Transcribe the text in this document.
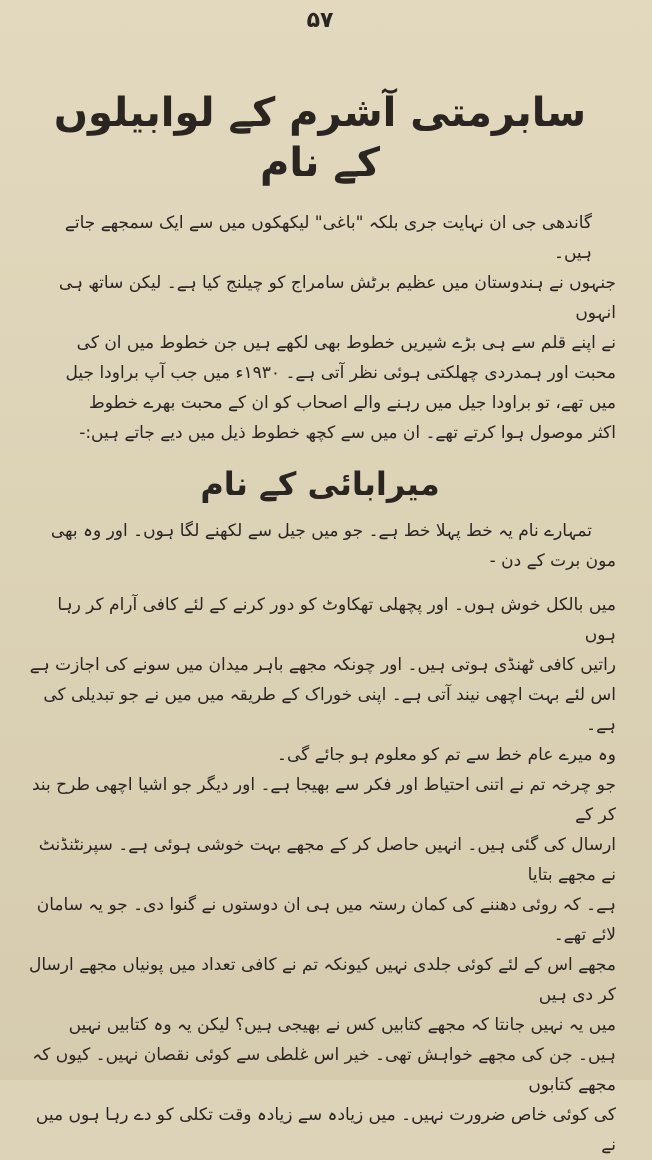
۵۷
سابرمتی آشرم کے لوابیلوں کے نام

گاندھی جی ان نہایت جری بلکہ "باغی" لیکھکوں میں سے ایک سمجھے جاتے ہیں۔

جنہوں نے ہندوستان میں عظیم برٹش سامراج کو چیلنج کیا ہے۔ لیکن ساتھ ہی انہوں

نے اپنے قلم سے ہی بڑے شیریں خطوط بھی لکھے ہیں جن خطوط میں ان کی

محبت اور ہمدردی چھلکتی ہوئی نظر آتی ہے۔ ۱۹۳۰ء میں جب آپ براودا جیل

میں تھے، تو براودا جیل میں رہنے والے اصحاب کو ان کے محبت بھرے خطوط

اکثر موصول ہوا کرتے تھے۔ ان میں سے کچھ خطوط ذیل میں دیے جاتے ہیں:-

میرابائی کے نام

تمہارے نام یہ خط پہلا خط ہے۔ جو میں جیل سے لکھنے لگا ہوں۔ اور وہ بھی

مون برت کے دن -

میں بالکل خوش ہوں۔ اور پچھلی تھکاوٹ کو دور کرنے کے لئے کافی آرام کر رہا ہوں

راتیں کافی ٹھنڈی ہوتی ہیں۔ اور چونکہ مجھے باہر میدان میں سونے کی اجازت ہے

اس لئے بہت اچھی نیند آتی ہے۔ اپنی خوراک کے طریقہ میں میں نے جو تبدیلی کی ہے۔

وہ میرے عام خط سے تم کو معلوم ہو جائے گی۔

جو چرخہ تم نے اتنی احتیاط اور فکر سے بھیجا ہے۔ اور دیگر جو اشیا اچھی طرح بند کر کے

ارسال کی گئی ہیں۔ انہیں حاصل کر کے مجھے بہت خوشی ہوئی ہے۔ سپرنٹنڈنٹ نے مجھے بتایا

ہے۔ کہ روئی دھننے کی کمان رستہ میں ہی ان دوستوں نے گنوا دی۔ جو یہ سامان لائے تھے۔

مجھے اس کے لئے کوئی جلدی نہیں کیونکہ تم نے کافی تعداد میں پونیاں مجھے ارسال کر دی ہیں

میں یہ نہیں جانتا کہ مجھے کتابیں کس نے بھیجی ہیں؟ لیکن یہ وہ کتابیں نہیں

ہیں۔ جن کی مجھے خواہش تھی۔ خیر اس غلطی سے کوئی نقصان نہیں۔ کیوں کہ مجھے کتابوں

کی کوئی خاص ضرورت نہیں۔ میں زیادہ سے زیادہ وقت تکلی کو دے رہا ہوں میں نے
